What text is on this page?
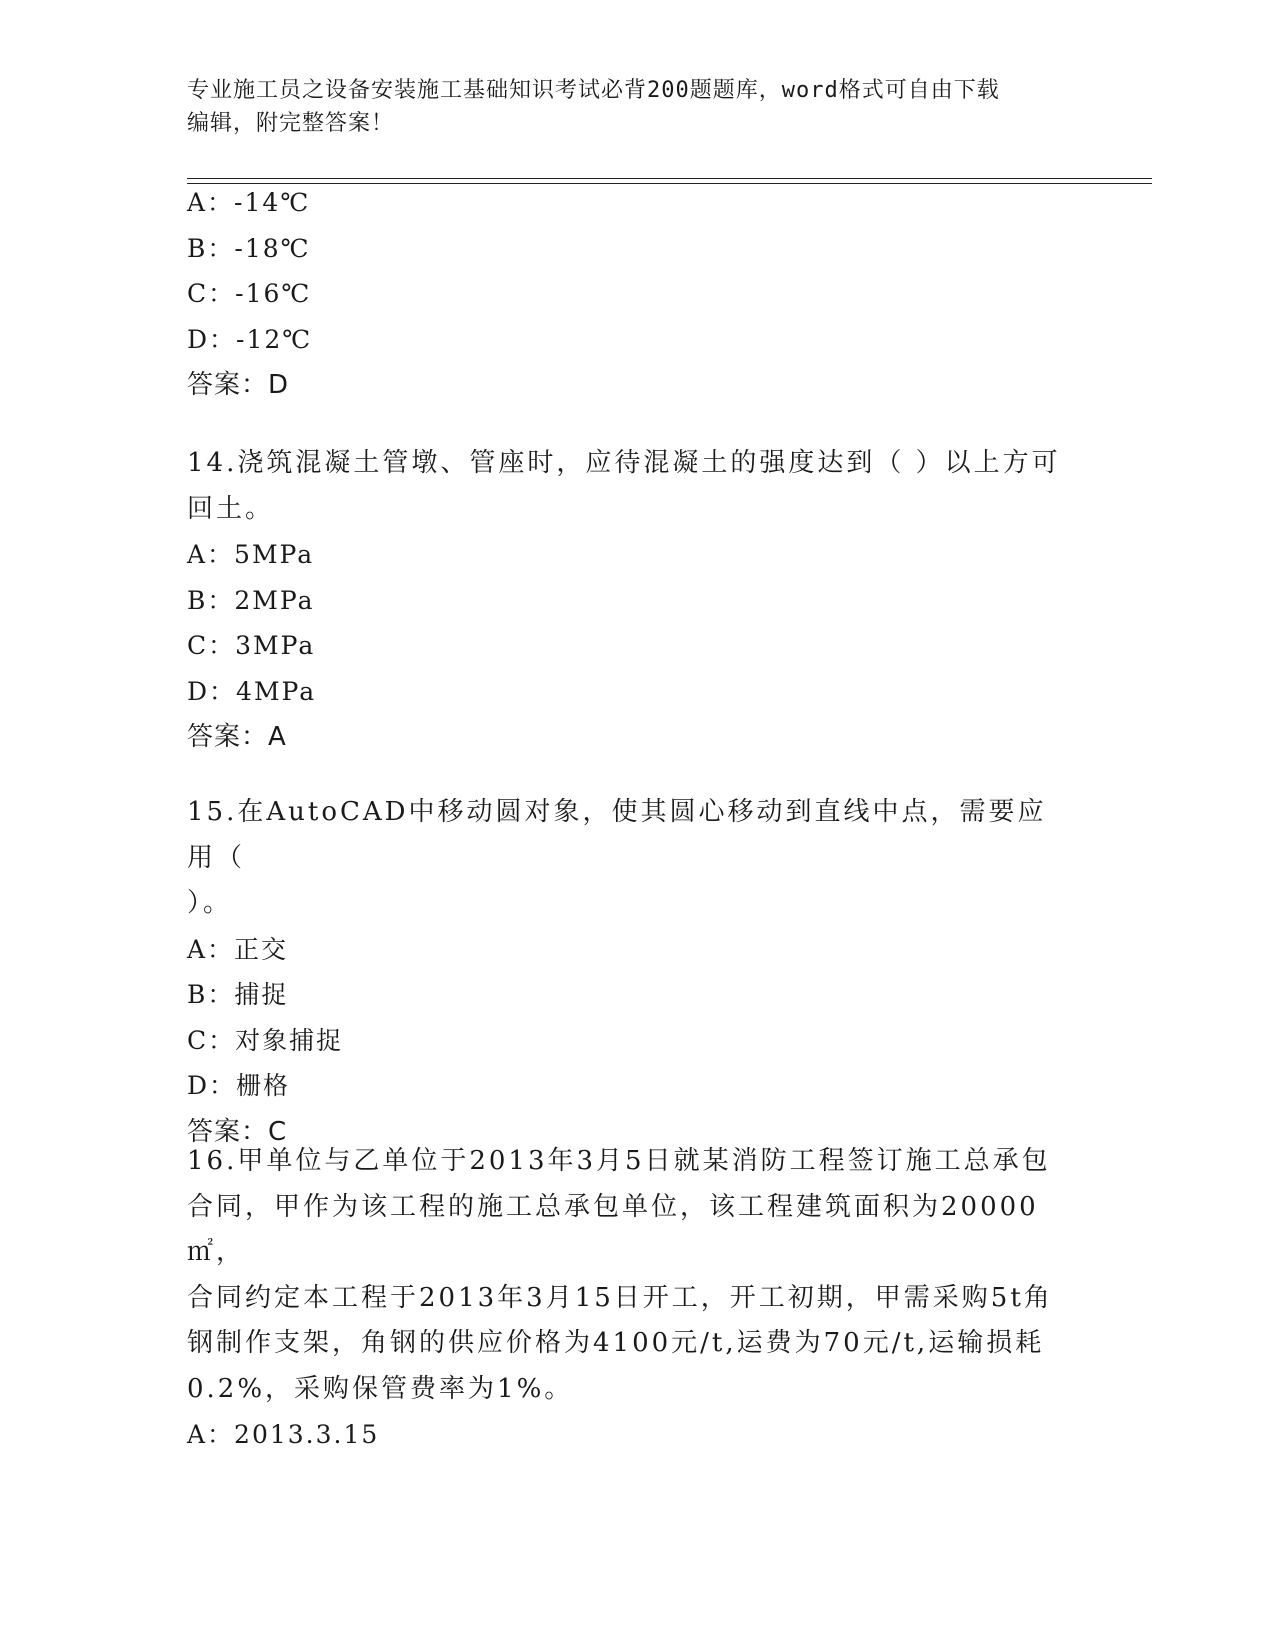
专业施工员之设备安装施工基础知识考试必背200题题库，word格式可自由下载
编辑，附完整答案！
A：-14℃
B：-18℃
C：-16℃
D：-12℃
答案：D
14.浇筑混凝土管墩、管座时，应待混凝土的强度达到（ ）以上方可
回土。
A：5MPa
B：2MPa
C：3MPa
D：4MPa
答案：A
15.在AutoCAD中移动圆对象，使其圆心移动到直线中点，需要应用（
）。
A：正交
B：捕捉
C：对象捕捉
D：栅格
答案：C
16.甲单位与乙单位于2013年3月5日就某消防工程签订施工总承包
合同，甲作为该工程的施工总承包单位，该工程建筑面积为20000㎡，
合同约定本工程于2013年3月15日开工，开工初期，甲需采购5t角
钢制作支架，角钢的供应价格为4100元/t,运费为70元/t,运输损耗
0.2%，采购保管费率为1%。
A：2013.3.15
